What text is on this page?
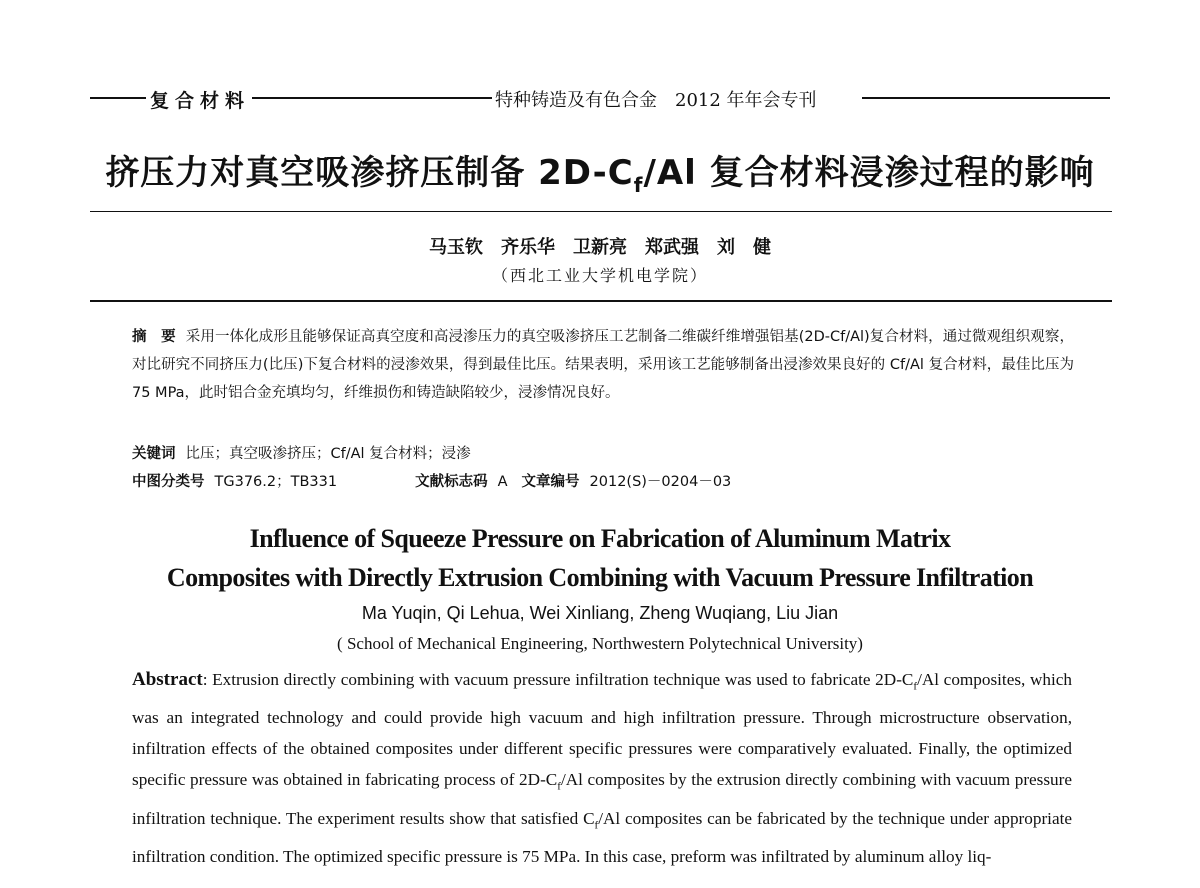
复合材料	特种铸造及有色合金　2012 年年会专刊
挤压力对真空吸渗挤压制备 $2D-C_f/Al$ 复合材料浸渗过程的影响
马玉钦　齐乐华　卫新亮　郑武强　刘　健
（西北工业大学机电学院）
摘　要 采用一体化成形且能够保证高真空度和高浸渗压力的真空吸渗挤压工艺制备二维碳纤维增强铝基(2D-Cf/Al)复合材料，通过微观组织观察，对比研究不同挤压力(比压)下复合材料的浸渗效果，得到最佳比压。结果表明，采用该工艺能够制备出浸渗效果良好的 Cf/Al 复合材料，最佳比压为 75 MPa，此时铝合金充填均匀，纤维损伤和铸造缺陷较少，浸渗情况良好。
关键词 比压；真空吸渗挤压；Cf/Al 复合材料；浸渗
中图分类号 TG376.2；TB331	文献标志码 A 文章编号 2012(S)－0204－03
Influence of Squeeze Pressure on Fabrication of Aluminum Matrix
Composites with Directly Extrusion Combining with Vacuum Pressure Infiltration
Ma Yuqin, Qi Lehua, Wei Xinliang, Zheng Wuqiang, Liu Jian
( School of Mechanical Engineering, Northwestern Polytechnical University)
Abstract: Extrusion directly combining with vacuum pressure infiltration technique was used to fabricate $2D-C_f/Al$ composites, which was an integrated technology and could provide high vacuum and high infiltration pressure. Through microstructure observation, infiltration effects of the obtained composites under different specific pressures were comparatively evaluated. Finally, the optimized specific pressure was obtained in fabricating process of $2D-C_f/Al$ composites by the extrusion directly combining with vacuum pressure infiltration technique. The experiment results show that satisfied $C_f/Al$ composites can be fabricated by the technique under appropriate infiltration condition. The optimized specific pressure is 75 MPa. In this case, preform was infiltrated by aluminum alloy liq-
